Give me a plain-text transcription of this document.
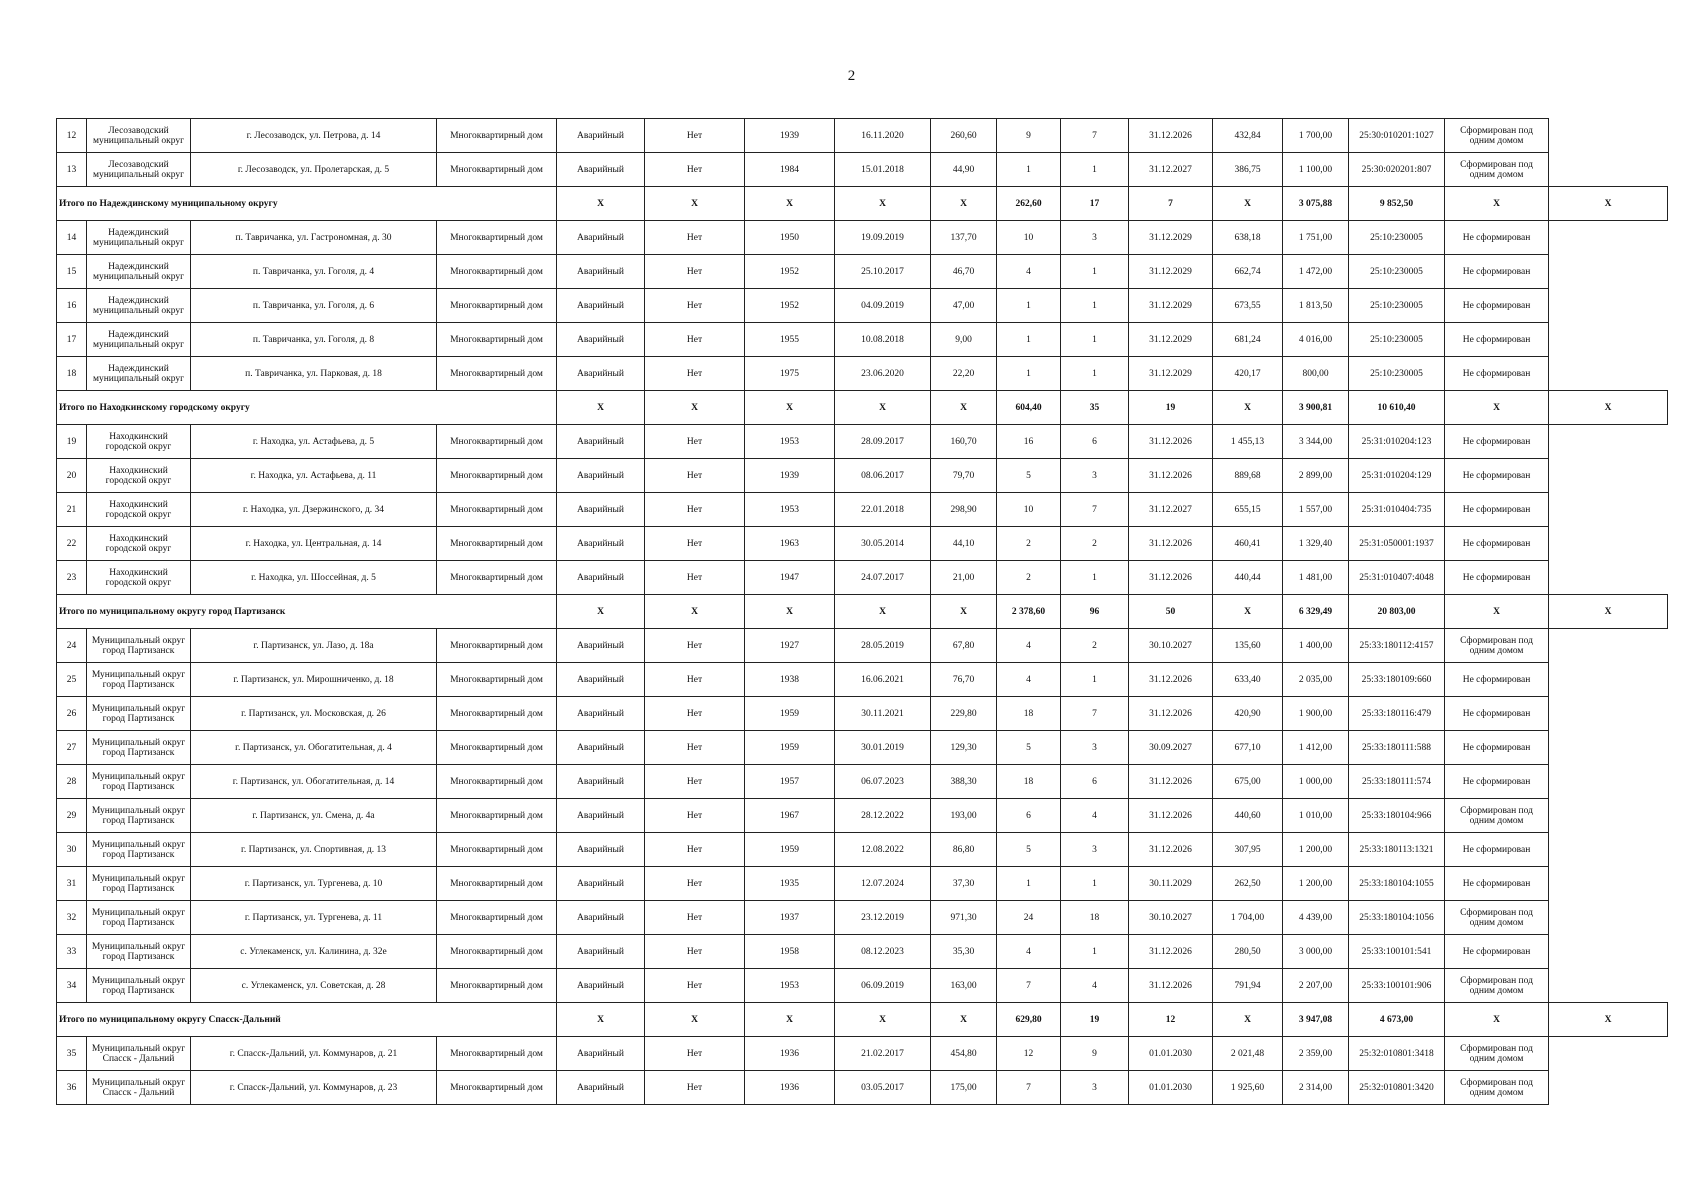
2
12	Лесозаводский муниципальный округ	г. Лесозаводск, ул. Петрова, д. 14	Многоквартирный дом	Аварийный	Нет	1939	16.11.2020	260,60	9	7	31.12.2026	432,84	1 700,00	25:30:010201:1027	Сформирован под одним домом	
13	Лесозаводский муниципальный округ	г. Лесозаводск, ул. Пролетарская, д. 5	Многоквартирный дом	Аварийный	Нет	1984	15.01.2018	44,90	1	1	31.12.2027	386,75	1 100,00	25:30:020201:807	Сформирован под одним домом	
Итого по Надеждинскому муниципальному округу				X	X	X	X	X	262,60	17	7	X	3 075,88	9 852,50	X	X
14	Надеждинский муниципальный округ	п. Тавричанка, ул. Гастрономная, д. 30	Многоквартирный дом	Аварийный	Нет	1950	19.09.2019	137,70	10	3	31.12.2029	638,18	1 751,00	25:10:230005	Не сформирован	
15	Надеждинский муниципальный округ	п. Тавричанка, ул. Гоголя, д. 4	Многоквартирный дом	Аварийный	Нет	1952	25.10.2017	46,70	4	1	31.12.2029	662,74	1 472,00	25:10:230005	Не сформирован	
16	Надеждинский муниципальный округ	п. Тавричанка, ул. Гоголя, д. 6	Многоквартирный дом	Аварийный	Нет	1952	04.09.2019	47,00	1	1	31.12.2029	673,55	1 813,50	25:10:230005	Не сформирован	
17	Надеждинский муниципальный округ	п. Тавричанка, ул. Гоголя, д. 8	Многоквартирный дом	Аварийный	Нет	1955	10.08.2018	9,00	1	1	31.12.2029	681,24	4 016,00	25:10:230005	Не сформирован	
18	Надеждинский муниципальный округ	п. Тавричанка, ул. Парковая, д. 18	Многоквартирный дом	Аварийный	Нет	1975	23.06.2020	22,20	1	1	31.12.2029	420,17	800,00	25:10:230005	Не сформирован	
Итого по Находкинскому городскому округу				X	X	X	X	X	604,40	35	19	X	3 900,81	10 610,40	X	X
19	Находкинский городской округ	г. Находка, ул. Астафьева, д. 5	Многоквартирный дом	Аварийный	Нет	1953	28.09.2017	160,70	16	6	31.12.2026	1 455,13	3 344,00	25:31:010204:123	Не сформирован	
20	Находкинский городской округ	г. Находка, ул. Астафьева, д. 11	Многоквартирный дом	Аварийный	Нет	1939	08.06.2017	79,70	5	3	31.12.2026	889,68	2 899,00	25:31:010204:129	Не сформирован	
21	Находкинский городской округ	г. Находка, ул. Дзержинского, д. 34	Многоквартирный дом	Аварийный	Нет	1953	22.01.2018	298,90	10	7	31.12.2027	655,15	1 557,00	25:31:010404:735	Не сформирован	
22	Находкинский городской округ	г. Находка, ул. Центральная, д. 14	Многоквартирный дом	Аварийный	Нет	1963	30.05.2014	44,10	2	2	31.12.2026	460,41	1 329,40	25:31:050001:1937	Не сформирован	
23	Находкинский городской округ	г. Находка, ул. Шоссейная, д. 5	Многоквартирный дом	Аварийный	Нет	1947	24.07.2017	21,00	2	1	31.12.2026	440,44	1 481,00	25:31:010407:4048	Не сформирован	
Итого по муниципальному округу город Партизанск				X	X	X	X	X	2 378,60	96	50	X	6 329,49	20 803,00	X	X
24	Муниципальный округ город Партизанск	г. Партизанск, ул. Лазо, д. 18а	Многоквартирный дом	Аварийный	Нет	1927	28.05.2019	67,80	4	2	30.10.2027	135,60	1 400,00	25:33:180112:4157	Сформирован под одним домом	
25	Муниципальный округ город Партизанск	г. Партизанск, ул. Мирошниченко, д. 18	Многоквартирный дом	Аварийный	Нет	1938	16.06.2021	76,70	4	1	31.12.2026	633,40	2 035,00	25:33:180109:660	Не сформирован	
26	Муниципальный округ город Партизанск	г. Партизанск, ул. Московская, д. 26	Многоквартирный дом	Аварийный	Нет	1959	30.11.2021	229,80	18	7	31.12.2026	420,90	1 900,00	25:33:180116:479	Не сформирован	
27	Муниципальный округ город Партизанск	г. Партизанск, ул. Обогатительная, д. 4	Многоквартирный дом	Аварийный	Нет	1959	30.01.2019	129,30	5	3	30.09.2027	677,10	1 412,00	25:33:180111:588	Не сформирован	
28	Муниципальный округ город Партизанск	г. Партизанск, ул. Обогатительная, д. 14	Многоквартирный дом	Аварийный	Нет	1957	06.07.2023	388,30	18	6	31.12.2026	675,00	1 000,00	25:33:180111:574	Не сформирован	
29	Муниципальный округ город Партизанск	г. Партизанск, ул. Смена, д. 4а	Многоквартирный дом	Аварийный	Нет	1967	28.12.2022	193,00	6	4	31.12.2026	440,60	1 010,00	25:33:180104:966	Сформирован под одним домом	
30	Муниципальный округ город Партизанск	г. Партизанск, ул. Спортивная, д. 13	Многоквартирный дом	Аварийный	Нет	1959	12.08.2022	86,80	5	3	31.12.2026	307,95	1 200,00	25:33:180113:1321	Не сформирован	
31	Муниципальный округ город Партизанск	г. Партизанск, ул. Тургенева, д. 10	Многоквартирный дом	Аварийный	Нет	1935	12.07.2024	37,30	1	1	30.11.2029	262,50	1 200,00	25:33:180104:1055	Не сформирован	
32	Муниципальный округ город Партизанск	г. Партизанск, ул. Тургенева, д. 11	Многоквартирный дом	Аварийный	Нет	1937	23.12.2019	971,30	24	18	30.10.2027	1 704,00	4 439,00	25:33:180104:1056	Сформирован под одним домом	
33	Муниципальный округ город Партизанск	с. Углекаменск, ул. Калинина, д. 32е	Многоквартирный дом	Аварийный	Нет	1958	08.12.2023	35,30	4	1	31.12.2026	280,50	3 000,00	25:33:100101:541	Не сформирован	
34	Муниципальный округ город Партизанск	с. Углекаменск, ул. Советская, д. 28	Многоквартирный дом	Аварийный	Нет	1953	06.09.2019	163,00	7	4	31.12.2026	791,94	2 207,00	25:33:100101:906	Сформирован под одним домом	
Итого по муниципальному округу Спасск-Дальний				X	X	X	X	X	629,80	19	12	X	3 947,08	4 673,00	X	X
35	Муниципальный округ Спасск - Дальний	г. Спасск-Дальний, ул. Коммунаров, д. 21	Многоквартирный дом	Аварийный	Нет	1936	21.02.2017	454,80	12	9	01.01.2030	2 021,48	2 359,00	25:32:010801:3418	Сформирован под одним домом	
36	Муниципальный округ Спасск - Дальний	г. Спасск-Дальний, ул. Коммунаров, д. 23	Многоквартирный дом	Аварийный	Нет	1936	03.05.2017	175,00	7	3	01.01.2030	1 925,60	2 314,00	25:32:010801:3420	Сформирован под одним домом	
